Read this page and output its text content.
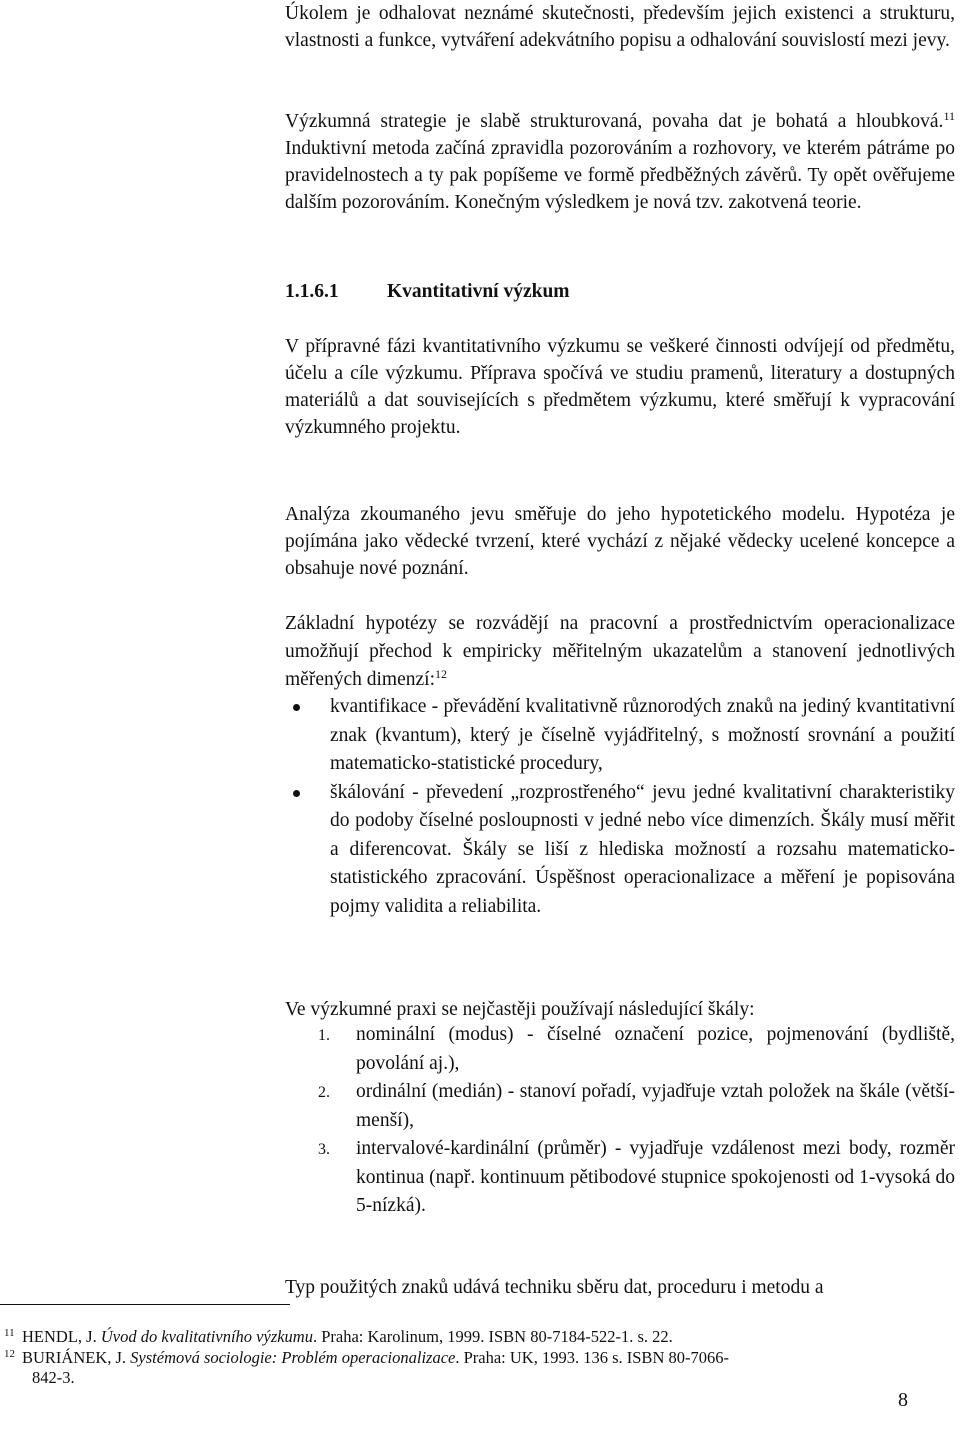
Úkolem je odhalovat neznámé skutečnosti, především jejich existenci a strukturu, vlastnosti a funkce, vytváření adekvátního popisu a odhalování souvislostí mezi jevy.

Výzkumná strategie je slabě strukturovaná, povaha dat je bohatá a hloubková.$^{11}$ Induktivní metoda začíná zpravidla pozorováním a rozhovory, ve kterém pátráme po pravidelnostech a ty pak popíšeme ve formě předběžných závěrů. Ty opět ověřujeme dalším pozorováním. Konečným výsledkem je nová tzv. zakotvená teorie.

1.1.6.1 Kvantitativní výzkum

V přípravné fázi kvantitativního výzkumu se veškeré činnosti odvíjejí od předmětu, účelu a cíle výzkumu. Příprava spočívá ve studiu pramenů, literatury a dostupných materiálů a dat souvisejících s předmětem výzkumu, které směřují k vypracování výzkumného projektu.

Analýza zkoumaného jevu směřuje do jeho hypotetického modelu. Hypotéza je pojímána jako vědecké tvrzení, které vychází z nějaké vědecky ucelené koncepce a obsahuje nové poznání.

Základní hypotézy se rozvádějí na pracovní a prostřednictvím operacionalizace umožňují přechod k empiricky měřitelným ukazatelům a stanovení jednotlivých měřených dimenzí:$^{12}$

kvantifikace - převádění kvalitativně různorodých znaků na jediný kvantitativní znak (kvantum), který je číselně vyjádřitelný, s možností srovnání a použití matematicko-statistické procedury,
škálování - převedení „rozprostřeného“ jevu jedné kvalitativní charakteristiky do podoby číselné posloupnosti v jedné nebo více dimenzích. Škály musí měřit a diferencovat. Škály se liší z hlediska možností a rozsahu matematicko-statistického zpracování. Úspěšnost operacionalizace a měření je popisována pojmy validita a reliabilita.

Ve výzkumné praxi se nejčastěji používají následující škály:

1. nominální (modus) - číselné označení pozice, pojmenování (bydliště, povolání aj.),
2. ordinální (medián) - stanoví pořadí, vyjadřuje vztah položek na škále (větší-menší),
3. intervalové-kardinální (průměr) - vyjadřuje vzdálenost mezi body, rozměr kontinua (např. kontinuum pětibodové stupnice spokojenosti od 1-vysoká do 5-nízká).

Typ použitých znaků udává techniku sběru dat, proceduru i metodu a

11 HENDL, J. Úvod do kvalitativního výzkumu. Praha: Karolinum, 1999. ISBN 80-7184-522-1. s. 22.
12 BURIÁNEK, J. Systémová sociologie: Problém operacionalizace. Praha: UK, 1993. 136 s. ISBN 80-7066-
842-3.
8
